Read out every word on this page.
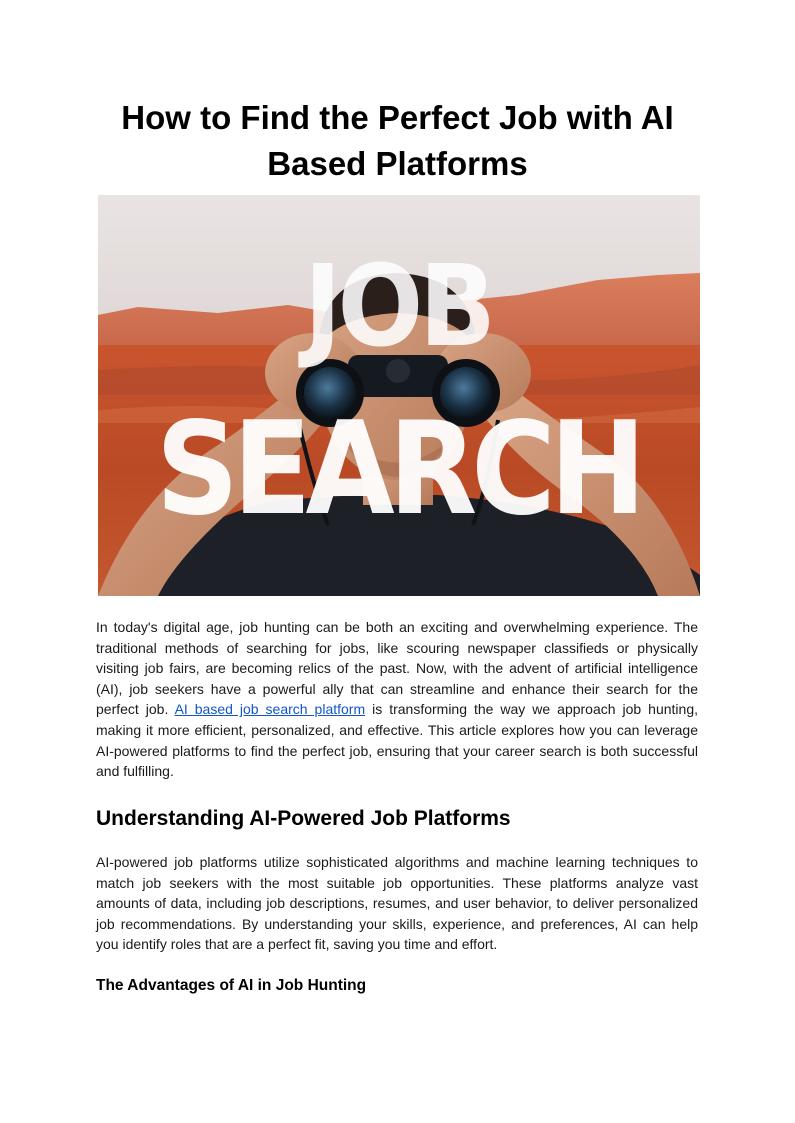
How to Find the Perfect Job with AI Based Platforms
JOB
SEARCH

In today's digital age, job hunting can be both an exciting and overwhelming experience. The traditional methods of searching for jobs, like scouring newspaper classifieds or physically visiting job fairs, are becoming relics of the past. Now, with the advent of artificial intelligence (AI), job seekers have a powerful ally that can streamline and enhance their search for the perfect job. AI based job search platform is transforming the way we approach job hunting, making it more efficient, personalized, and effective. This article explores how you can leverage AI-powered platforms to find the perfect job, ensuring that your career search is both successful and fulfilling.

Understanding AI-Powered Job Platforms

AI-powered job platforms utilize sophisticated algorithms and machine learning techniques to match job seekers with the most suitable job opportunities. These platforms analyze vast amounts of data, including job descriptions, resumes, and user behavior, to deliver personalized job recommendations. By understanding your skills, experience, and preferences, AI can help you identify roles that are a perfect fit, saving you time and effort.

The Advantages of AI in Job Hunting
